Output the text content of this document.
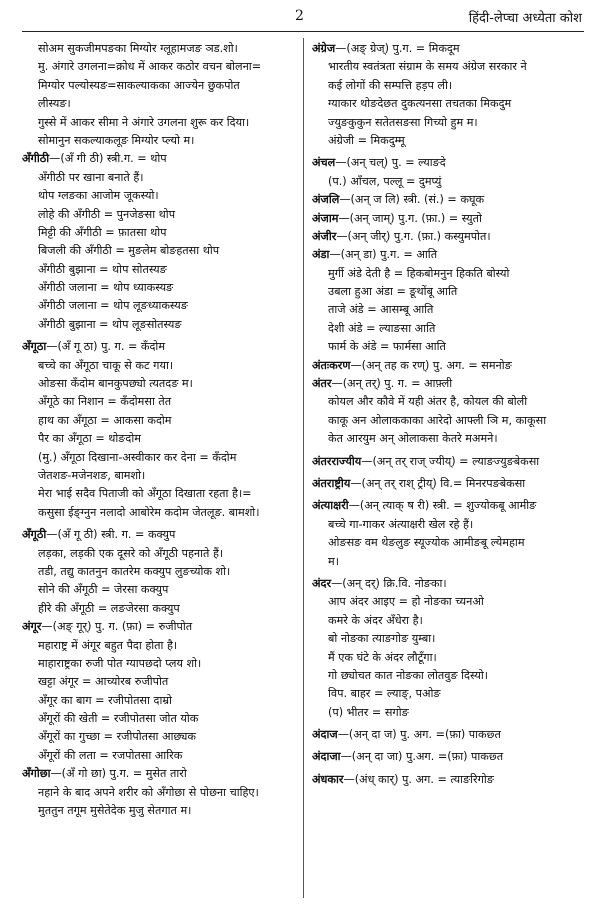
2	हिंदी-लेप्चा अध्येता कोश
सोअम सुकजीमपङका मिग्योर ग्लूहामजङ ञड.शो।
मु. अंगारे उगलना=क्रोध में आकर कठोर वचन बोलना=
मिग्योर पल्योस्यङ=साकल्याकका आज्येन छुकपोत
लीस्यङ।
गुस्से में आकर सीमा ने अंगारे उगलना शुरू कर दिया।
सोमानुन सकल्याकलूङ मिग्योर प्ल्यो म।
अँगीठी—(अँ गी ठी) स्त्री.ग. = थोप
अँगीठी पर खाना बनाते हैं।
थोप ग्लङका आजोम जूकस्यो।
लोहे की अँगीठी = पुनजेङसा थोप
मिट्टी की अँगीठी = फ़ातसा थोप
बिजली की अँगीठी = मुङलेम बोङहतसा थोप
अँगीठी बुझाना = थोप सोतस्यङ
अँगीठी जलाना = थोप ध्याकस्यङ
अँगीठी जलाना = थोप लूङध्याकस्यङ
अँगीठी बुझाना = थोप लूङसोतस्यङ
अँगूठा—(अँ गू ठा) पु. ग. = कँदोम
बच्चे का अँगूठा चाकू से कट गया।
ओङसा कँदोम बानकुपछ्यो त्यतदङ म।
अँगूठे का निशान = कँदोमसा तेत
हाथ का अँगूठा = आकसा कदोम
पैर का अँगूठा = थोङदोम
(मु.) अँगूठा दिखाना-अस्वीकार कर देना = कँदोम
जेतशङ-मजेनशङ, बामशो।
मेरा भाई सदैव पिताजी को अँगूठा दिखाता रहता है।=
कसुसा ईङ्ग्नुन नलादो आबोरेम कदोम जेतलूङ. बामशो।
अँगूठी—(अँ गू ठी) स्त्री. ग. = कक्युप
लड़का, लड़की एक दूसरे को अँगूठी पहनाते हैं।
तडी, तद्यु कातनुन कातरेम कक्युप लुङच्योक शो।
सोने की अँगूठी = जेरसा कक्युप
हीरे की अँगूठी = लङजेरसा कक्युप
अंगूर—(अङ् गूर्) पु. ग. (फ़ा) = रुजीपोत
महाराष्ट्र में अंगूर बहुत पैदा होता है।
माहाराष्ट्रका रुजी पोत ग्यापछदो प्लय शो।
खट्टा अंगूर = आच्योरब रुजीपोत
अँगूर का बाग = रजीपोतसा दाम्रो
अँगूरों की खेती = रजीपोतसा जोत योक
अँगूरों का गुच्छा = रजीपोतसा आछ्यक
अँगूरों की लता = रजपोतसा आरिक
अँगोछा—(अँ गो छा) पु.ग. = मुसेत तारो
नहाने के बाद अपने शरीर को अँगोछा से पोछना चाहिए।
मुततुन तगूम मुसेतेदेक मुजु सेतगात म।
अंग्रेज—(अङ् ग्रेज्) पु.ग. = मिकदूम
भारतीय स्वतंत्रता संग्राम के समय अंग्रेज सरकार ने
कई लोगों की सम्पत्ति हड़प ली।
ग्याकार थोङदेछत दुकत्यनसा तचतका मिकदुम
ज्युङकुकुन सतेतसङसा गिच्यो हुम म।
अंग्रेजी = मिकदुम्मू
अंचल—(अन् चल्) पु. = ल्याङदे
(प.) आँचल, पल्लू = दुमप्युं
अंजलि—(अन् ज लि) स्त्री. (सं.) = कघूक
अंजाम—(अन् जाम्) पु.ग. (फ़ा.) = स्युतो
अंजीर—(अन् जीर्) पु.ग. (फ़ा.) कस्युमपोत।
अंडा—(अन् डा) पु.ग. = आति
मुर्गी अंडे देती है = हिकबोमनुन हिकति बोस्यो
उबला हुआ अंडा = ङूथोंबू आति
ताजे अंडे = आसम्बू आति
देशी अंडे = ल्याङसा आति
फार्म के अंडे = फार्मसा आति
अंतःकरण—(अन् तह क रण्) पु. अग. = समनोङ
अंतर—(अन् तर्) पु. ग. = आफ़्ली
कोयल और कौवे में यही अंतर है, कोयल की बोली
काकू अन ओलाककाका आरेदो आफ्ली ञि म, काकूसा
केत आरयुम अन् ओलाकसा केतरे मअमने।
अंतरराज्यीय—(अन् तर् राज् ज्यीय्) = ल्याङज्युङबेकसा
अंतराष्ट्रीय—(अन् तर् राश् ट्रीय्) वि.= मिनरपङबेकसा
अंत्याक्षरी—(अन् त्याक् ष री) स्त्री. = शुज्योकबू आमीङ
बच्चे गा-गाकर अंत्याक्षरी खेल रहे हैं।
ओङसङ वम थेङलुङ स्यूज्योक आमीङबू ल्येमहाम
म।
अंदर—(अन् दर्) क्रि.वि. नोङका।
आप अंदर आइए = हो नोङका च्यनओ
कमरे के अंदर अँधेरा है।
बो नोङका त्याङगोङ युम्बा।
मैं एक घंटे के अंदर लौटूँगा।
गो छ्योचत कात नोङका लोतवुङ दिस्यो।
विप. बाहर = ल्याङ्, पओङ
(प) भीतर = सगोङ
अंदाज—(अन् दा ज) पु. अग. =(फ़ा) पाकछ्त
अंदाजा—(अन् दा जा) पु.अग. =(फ़ा) पाकछ्त
अंधकार—(अंध् कार्) पु. अग. = त्याङरिगोङ
